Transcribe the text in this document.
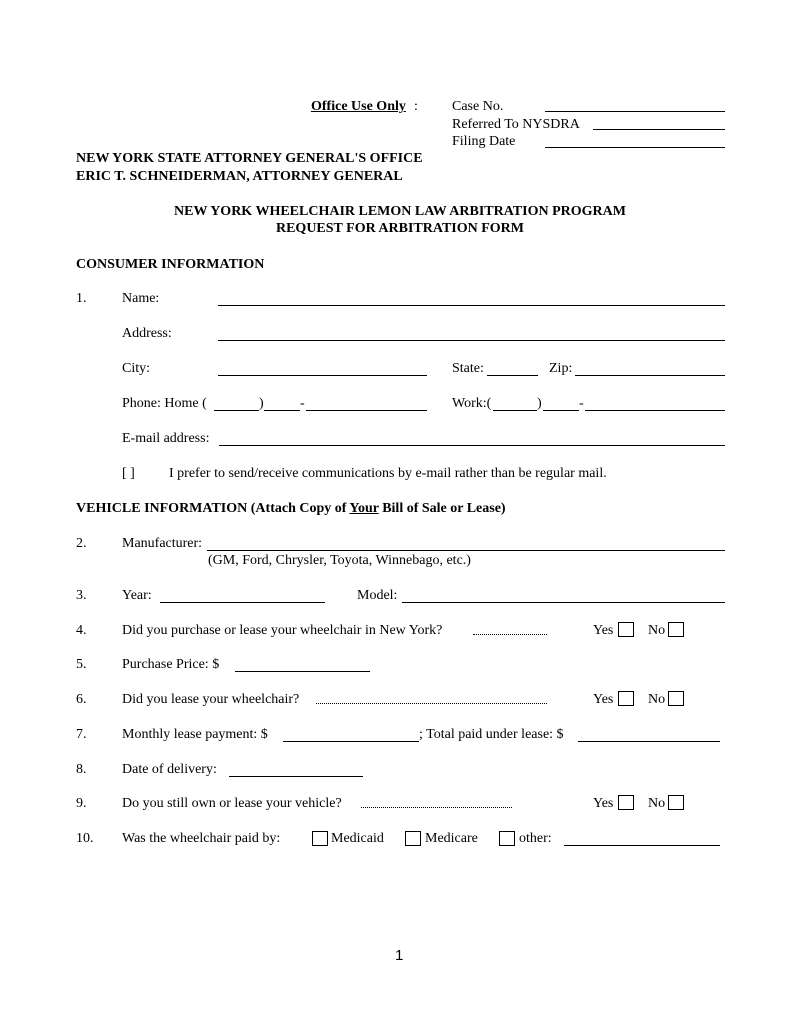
Office Use Only : Case No.
Referred To NYSDRA
Filing Date
NEW YORK STATE ATTORNEY GENERAL'S OFFICE
ERIC T. SCHNEIDERMAN, ATTORNEY GENERAL
NEW YORK WHEELCHAIR LEMON LAW ARBITRATION PROGRAM
REQUEST FOR ARBITRATION FORM
CONSUMER INFORMATION
1.	Name:
Address:
City:	State:	Zip:
Phone: Home (	)	-	Work:(	)	-
E-mail address:
[ ] I prefer to send/receive communications by e-mail rather than be regular mail.
VEHICLE INFORMATION (Attach Copy of Your Bill of Sale or Lease)
2.	Manufacturer:
(GM, Ford, Chrysler, Toyota, Winnebago, etc.)
3.	Year:	Model:
4.	Did you purchase or lease your wheelchair in New York?	Yes No
5.	Purchase Price: $
6.	Did you lease your wheelchair?	Yes No
7.	Monthly lease payment: $	; Total paid under lease: $
8.	Date of delivery:
9.	Do you still own or lease your vehicle?	Yes No
10. Was the wheelchair paid by:	Medicaid	Medicare	other:
1
